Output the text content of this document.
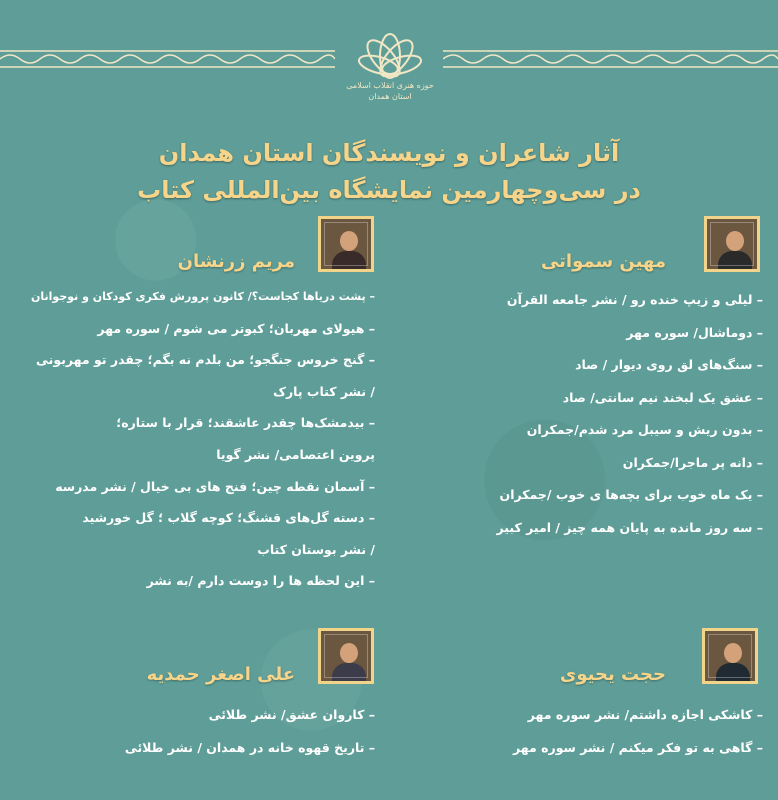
حوزه هنری انقلاب اسلامی
استان همدان
آثار شاعران و نویسندگان استان همدان
در سی‌وچهارمین نمایشگاه بین‌المللی کتاب
مهین سمواتی
– لیلی و زیپ خنده رو / نشر جامعه القرآن
– دوماشال/ سوره مهر
– سنگ‌های لق روی دیوار / صاد
– عشق یک لبخند نیم سانتی/ صاد
– بدون ریش و سیبل مرد شدم/جمکران
– دانه پر ماجرا/جمکران
– یک ماه خوب برای بچه‌ها ی خوب /جمکران
– سه روز مانده به پایان همه چیز / امیر کبیر
مریم زرنشان
– پشت دریاها کجاست؟/ کانون پرورش فکری کودکان و نوجوانان
– هیولای مهربان؛ کبوتر می شوم / سوره مهر
– گنج خروس جنگجو؛ من بلدم نه بگم؛ چقدر تو مهربونی
/ نشر کتاب پارک
– بیدمشک‌ها چقدر عاشقند؛ قرار با ستاره؛
پروین اعتصامی/ نشر گویا
– آسمان نقطه چین؛ فنج های بی خیال / نشر مدرسه
– دسته گل‌های قشنگ؛ کوچه گلاب ؛ گل خورشید
/ نشر بوستان کتاب
– این لحظه ها را دوست دارم /به نشر
حجت یحیوی
– کاشکی اجازه داشتم/ نشر سوره مهر
– گاهی به تو فکر میکنم / نشر سوره مهر
علی اصغر حمدیه
– کاروان عشق/ نشر طلائی
– تاریخ قهوه خانه در همدان / نشر طلائی
